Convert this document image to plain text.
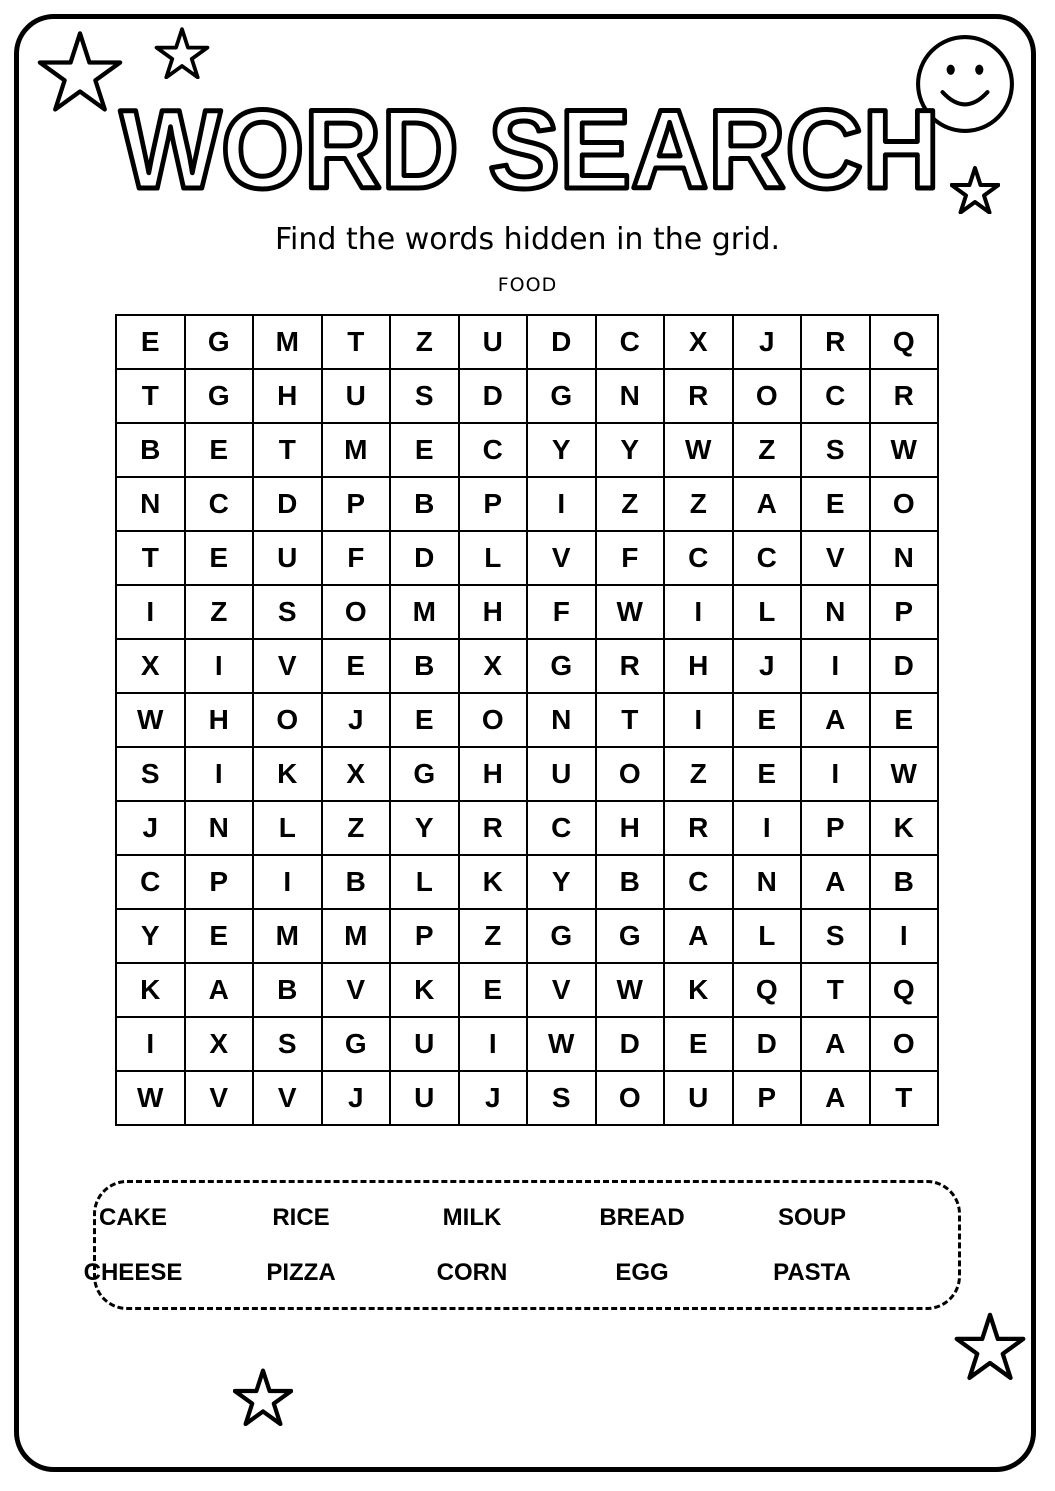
WORD SEARCH
Find the words hidden in the grid.
FOOD
E	G	M	T	Z	U	D	C	X	J	R	Q
T	G	H	U	S	D	G	N	R	O	C	R
B	E	T	M	E	C	Y	Y	W	Z	S	W
N	C	D	P	B	P	I	Z	Z	A	E	O
T	E	U	F	D	L	V	F	C	C	V	N
I	Z	S	O	M	H	F	W	I	L	N	P
X	I	V	E	B	X	G	R	H	J	I	D
W	H	O	J	E	O	N	T	I	E	A	E
S	I	K	X	G	H	U	O	Z	E	I	W
J	N	L	Z	Y	R	C	H	R	I	P	K
C	P	I	B	L	K	Y	B	C	N	A	B
Y	E	M	M	P	Z	G	G	A	L	S	I
K	A	B	V	K	E	V	W	K	Q	T	Q
I	X	S	G	U	I	W	D	E	D	A	O
W	V	V	J	U	J	S	O	U	P	A	T
CAKE	RICE	MILK	BREAD	SOUP
CHEESE	PIZZA	CORN	EGG	PASTA
